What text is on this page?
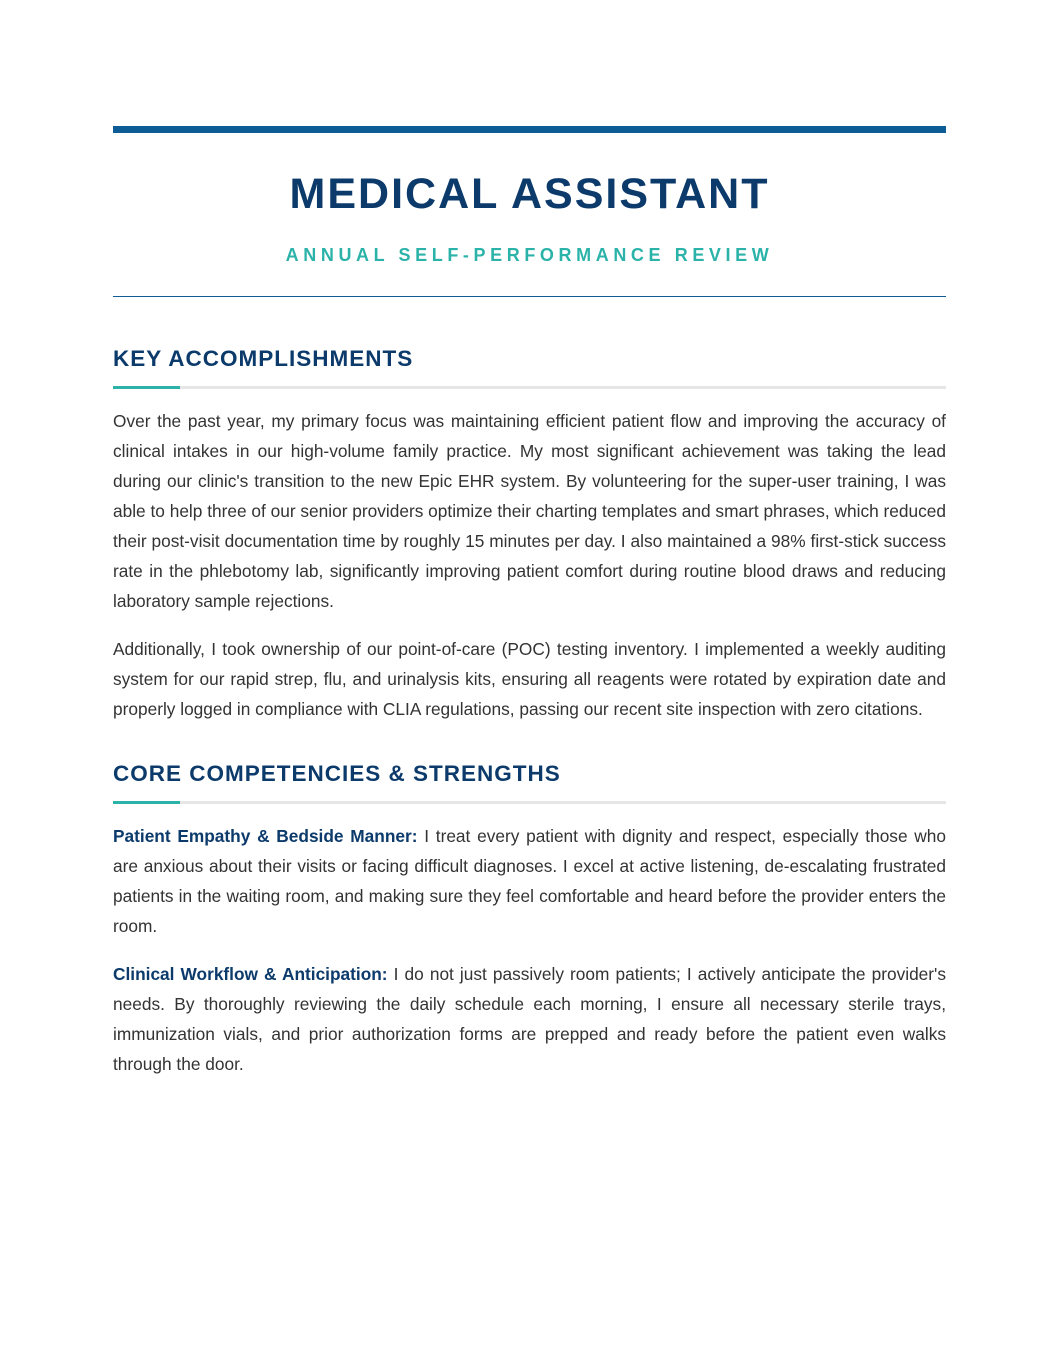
MEDICAL ASSISTANT
ANNUAL SELF-PERFORMANCE REVIEW
KEY ACCOMPLISHMENTS

Over the past year, my primary focus was maintaining efficient patient flow and improving the accuracy of clinical intakes in our high-volume family practice. My most significant achievement was taking the lead during our clinic's transition to the new Epic EHR system. By volunteering for the super-user training, I was able to help three of our senior providers optimize their charting templates and smart phrases, which reduced their post-visit documentation time by roughly 15 minutes per day. I also maintained a 98% first-stick success rate in the phlebotomy lab, significantly improving patient comfort during routine blood draws and reducing laboratory sample rejections.

Additionally, I took ownership of our point-of-care (POC) testing inventory. I implemented a weekly auditing system for our rapid strep, flu, and urinalysis kits, ensuring all reagents were rotated by expiration date and properly logged in compliance with CLIA regulations, passing our recent site inspection with zero citations.

CORE COMPETENCIES & STRENGTHS

Patient Empathy & Bedside Manner: I treat every patient with dignity and respect, especially those who are anxious about their visits or facing difficult diagnoses. I excel at active listening, de-escalating frustrated patients in the waiting room, and making sure they feel comfortable and heard before the provider enters the room.

Clinical Workflow & Anticipation: I do not just passively room patients; I actively anticipate the provider's needs. By thoroughly reviewing the daily schedule each morning, I ensure all necessary sterile trays, immunization vials, and prior authorization forms are prepped and ready before the patient even walks through the door.
